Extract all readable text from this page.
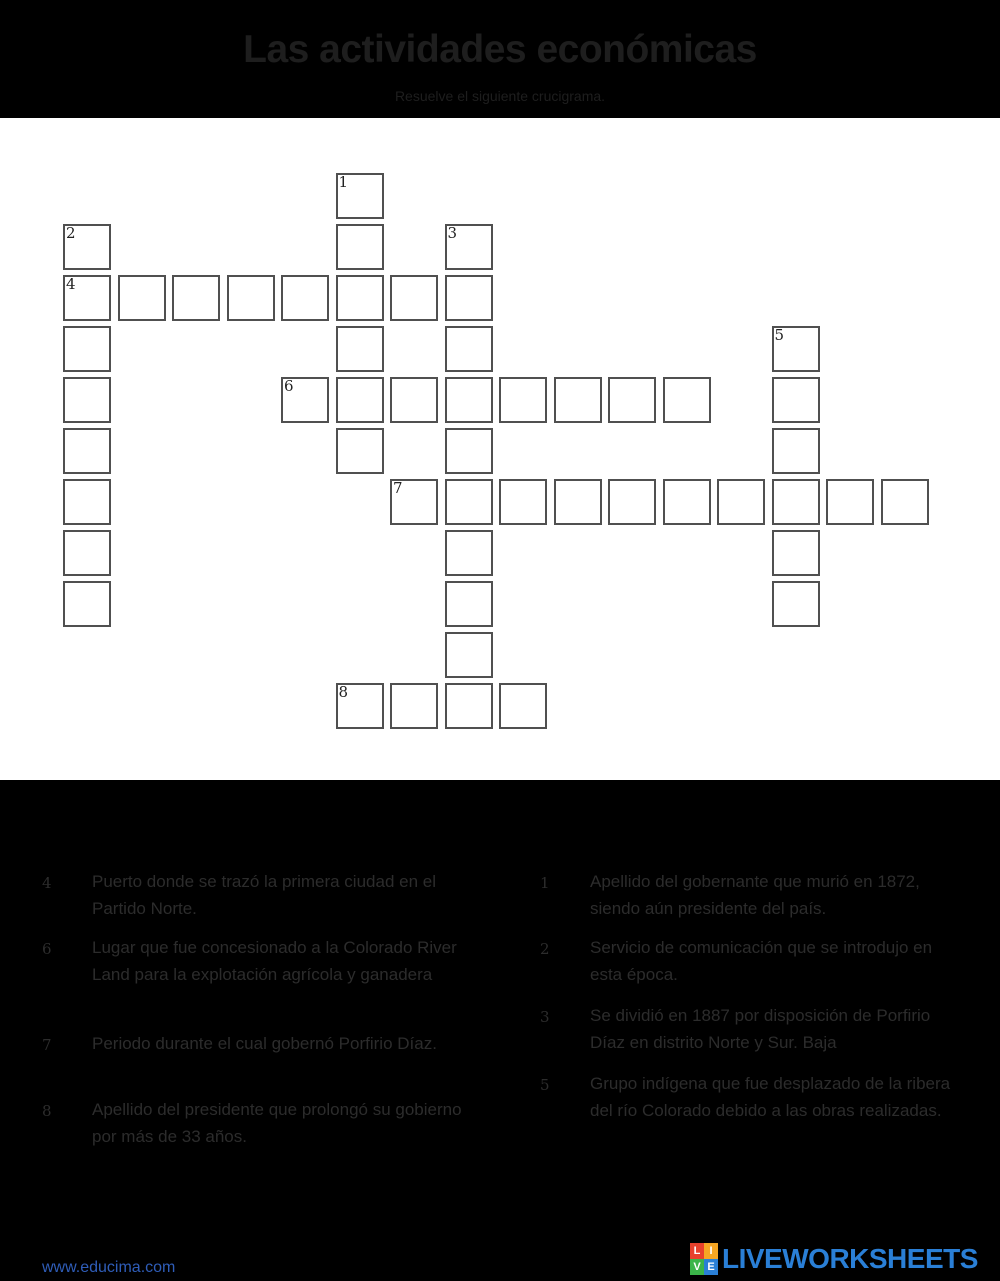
Las actividades económicas
Resuelve el siguiente crucigrama.
1
2	3
4
5
6
7
8
4 Puerto donde se trazó la primera ciudad en el Partido Norte.
6 Lugar que fue concesionado a la Colorado River Land para la explotación agrícola y ganadera
7 Periodo durante el cual gobernó Porfirio Díaz.
8 Apellido del presidente que prolongó su gobierno por más de 33 años.
1 Apellido del gobernante que murió en 1872, siendo aún presidente del país.
2 Servicio de comunicación que se introdujo en esta época.
3 Se dividió en 1887 por disposición de Porfirio Díaz en distrito Norte y Sur. Baja
5 Grupo indígena que fue desplazado de la ribera del río Colorado debido a las obras realizadas.
www.educima.com
L I
V E LIVEWORKSHEETS
